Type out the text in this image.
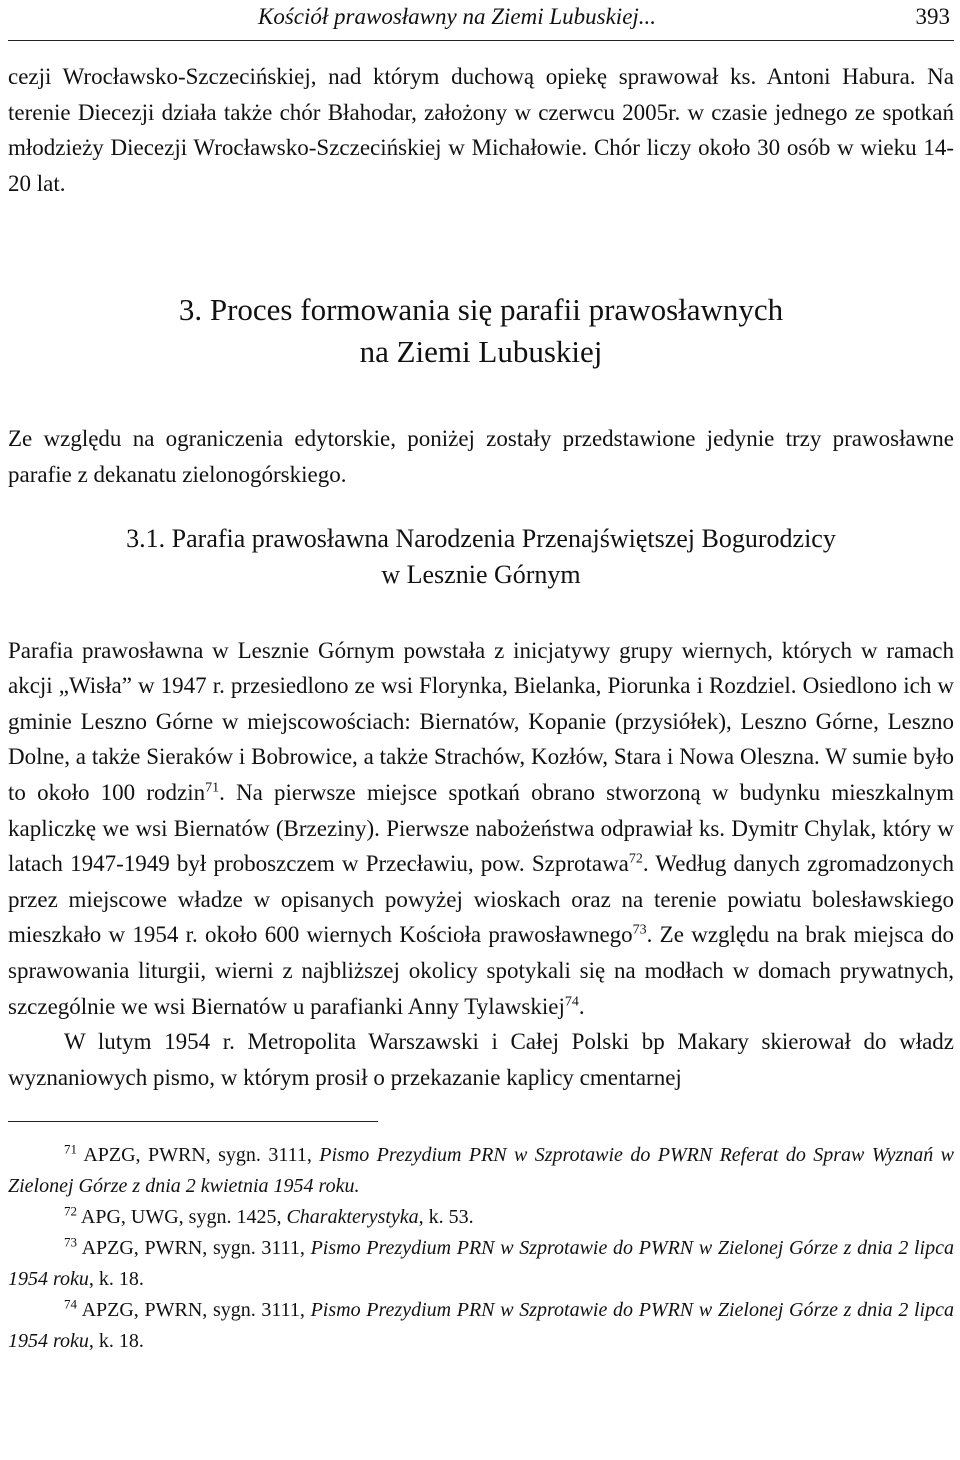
Kościół prawosławny na Ziemi Lubuskiej...	393

cezji Wrocławsko-Szczecińskiej, nad którym duchową opiekę sprawował ks. Antoni Habura. Na terenie Diecezji działa także chór Błahodar, założony w czerwcu 2005r. w czasie jednego ze spotkań młodzieży Diecezji Wrocławsko-Szczecińskiej w Michałowie. Chór liczy około 30 osób w wieku 14-20 lat.

3. Proces formowania się parafii prawosławnych
na Ziemi Lubuskiej

Ze względu na ograniczenia edytorskie, poniżej zostały przedstawione jedynie trzy prawosławne parafie z dekanatu zielonogórskiego.

3.1. Parafia prawosławna Narodzenia Przenajświętszej Bogurodzicy
w Lesznie Górnym

Parafia prawosławna w Lesznie Górnym powstała z inicjatywy grupy wiernych, których w ramach akcji „Wisła” w 1947 r. przesiedlono ze wsi Florynka, Bielanka, Piorunka i Rozdziel. Osiedlono ich w gminie Leszno Górne w miejscowościach: Biernatów, Kopanie (przysiółek), Leszno Górne, Leszno Dolne, a także Sieraków i Bobrowice, a także Strachów, Kozłów, Stara i Nowa Oleszna. W sumie było to około 100 rodzin$^{71}$. Na pierwsze miejsce spotkań obrano stworzoną w budynku mieszkalnym kapliczkę we wsi Biernatów (Brzeziny). Pierwsze nabożeństwa odprawiał ks. Dymitr Chylak, który w latach 1947-1949 był proboszczem w Przecławiu, pow. Szprotawa$^{72}$. Według danych zgromadzonych przez miejscowe władze w opisanych powyżej wioskach oraz na terenie powiatu bolesławskiego mieszkało w 1954 r. około 600 wiernych Kościoła prawosławnego$^{73}$. Ze względu na brak miejsca do sprawowania liturgii, wierni z najbliższej okolicy spotykali się na modłach w domach prywatnych, szczególnie we wsi Biernatów u parafianki Anny Tylawskiej$^{74}$.

W lutym 1954 r. Metropolita Warszawski i Całej Polski bp Makary skierował do władz wyznaniowych pismo, w którym prosił o przekazanie kaplicy cmentarnej

$^{71}$ APZG, PWRN, sygn. 3111, Pismo Prezydium PRN w Szprotawie do PWRN Referat do Spraw Wyznań w Zielonej Górze z dnia 2 kwietnia 1954 roku.

$^{72}$ APG, UWG, sygn. 1425, Charakterystyka, k. 53.

$^{73}$ APZG, PWRN, sygn. 3111, Pismo Prezydium PRN w Szprotawie do PWRN w Zielonej Górze z dnia 2 lipca 1954 roku, k. 18.

$^{74}$ APZG, PWRN, sygn. 3111, Pismo Prezydium PRN w Szprotawie do PWRN w Zielonej Górze z dnia 2 lipca 1954 roku, k. 18.
